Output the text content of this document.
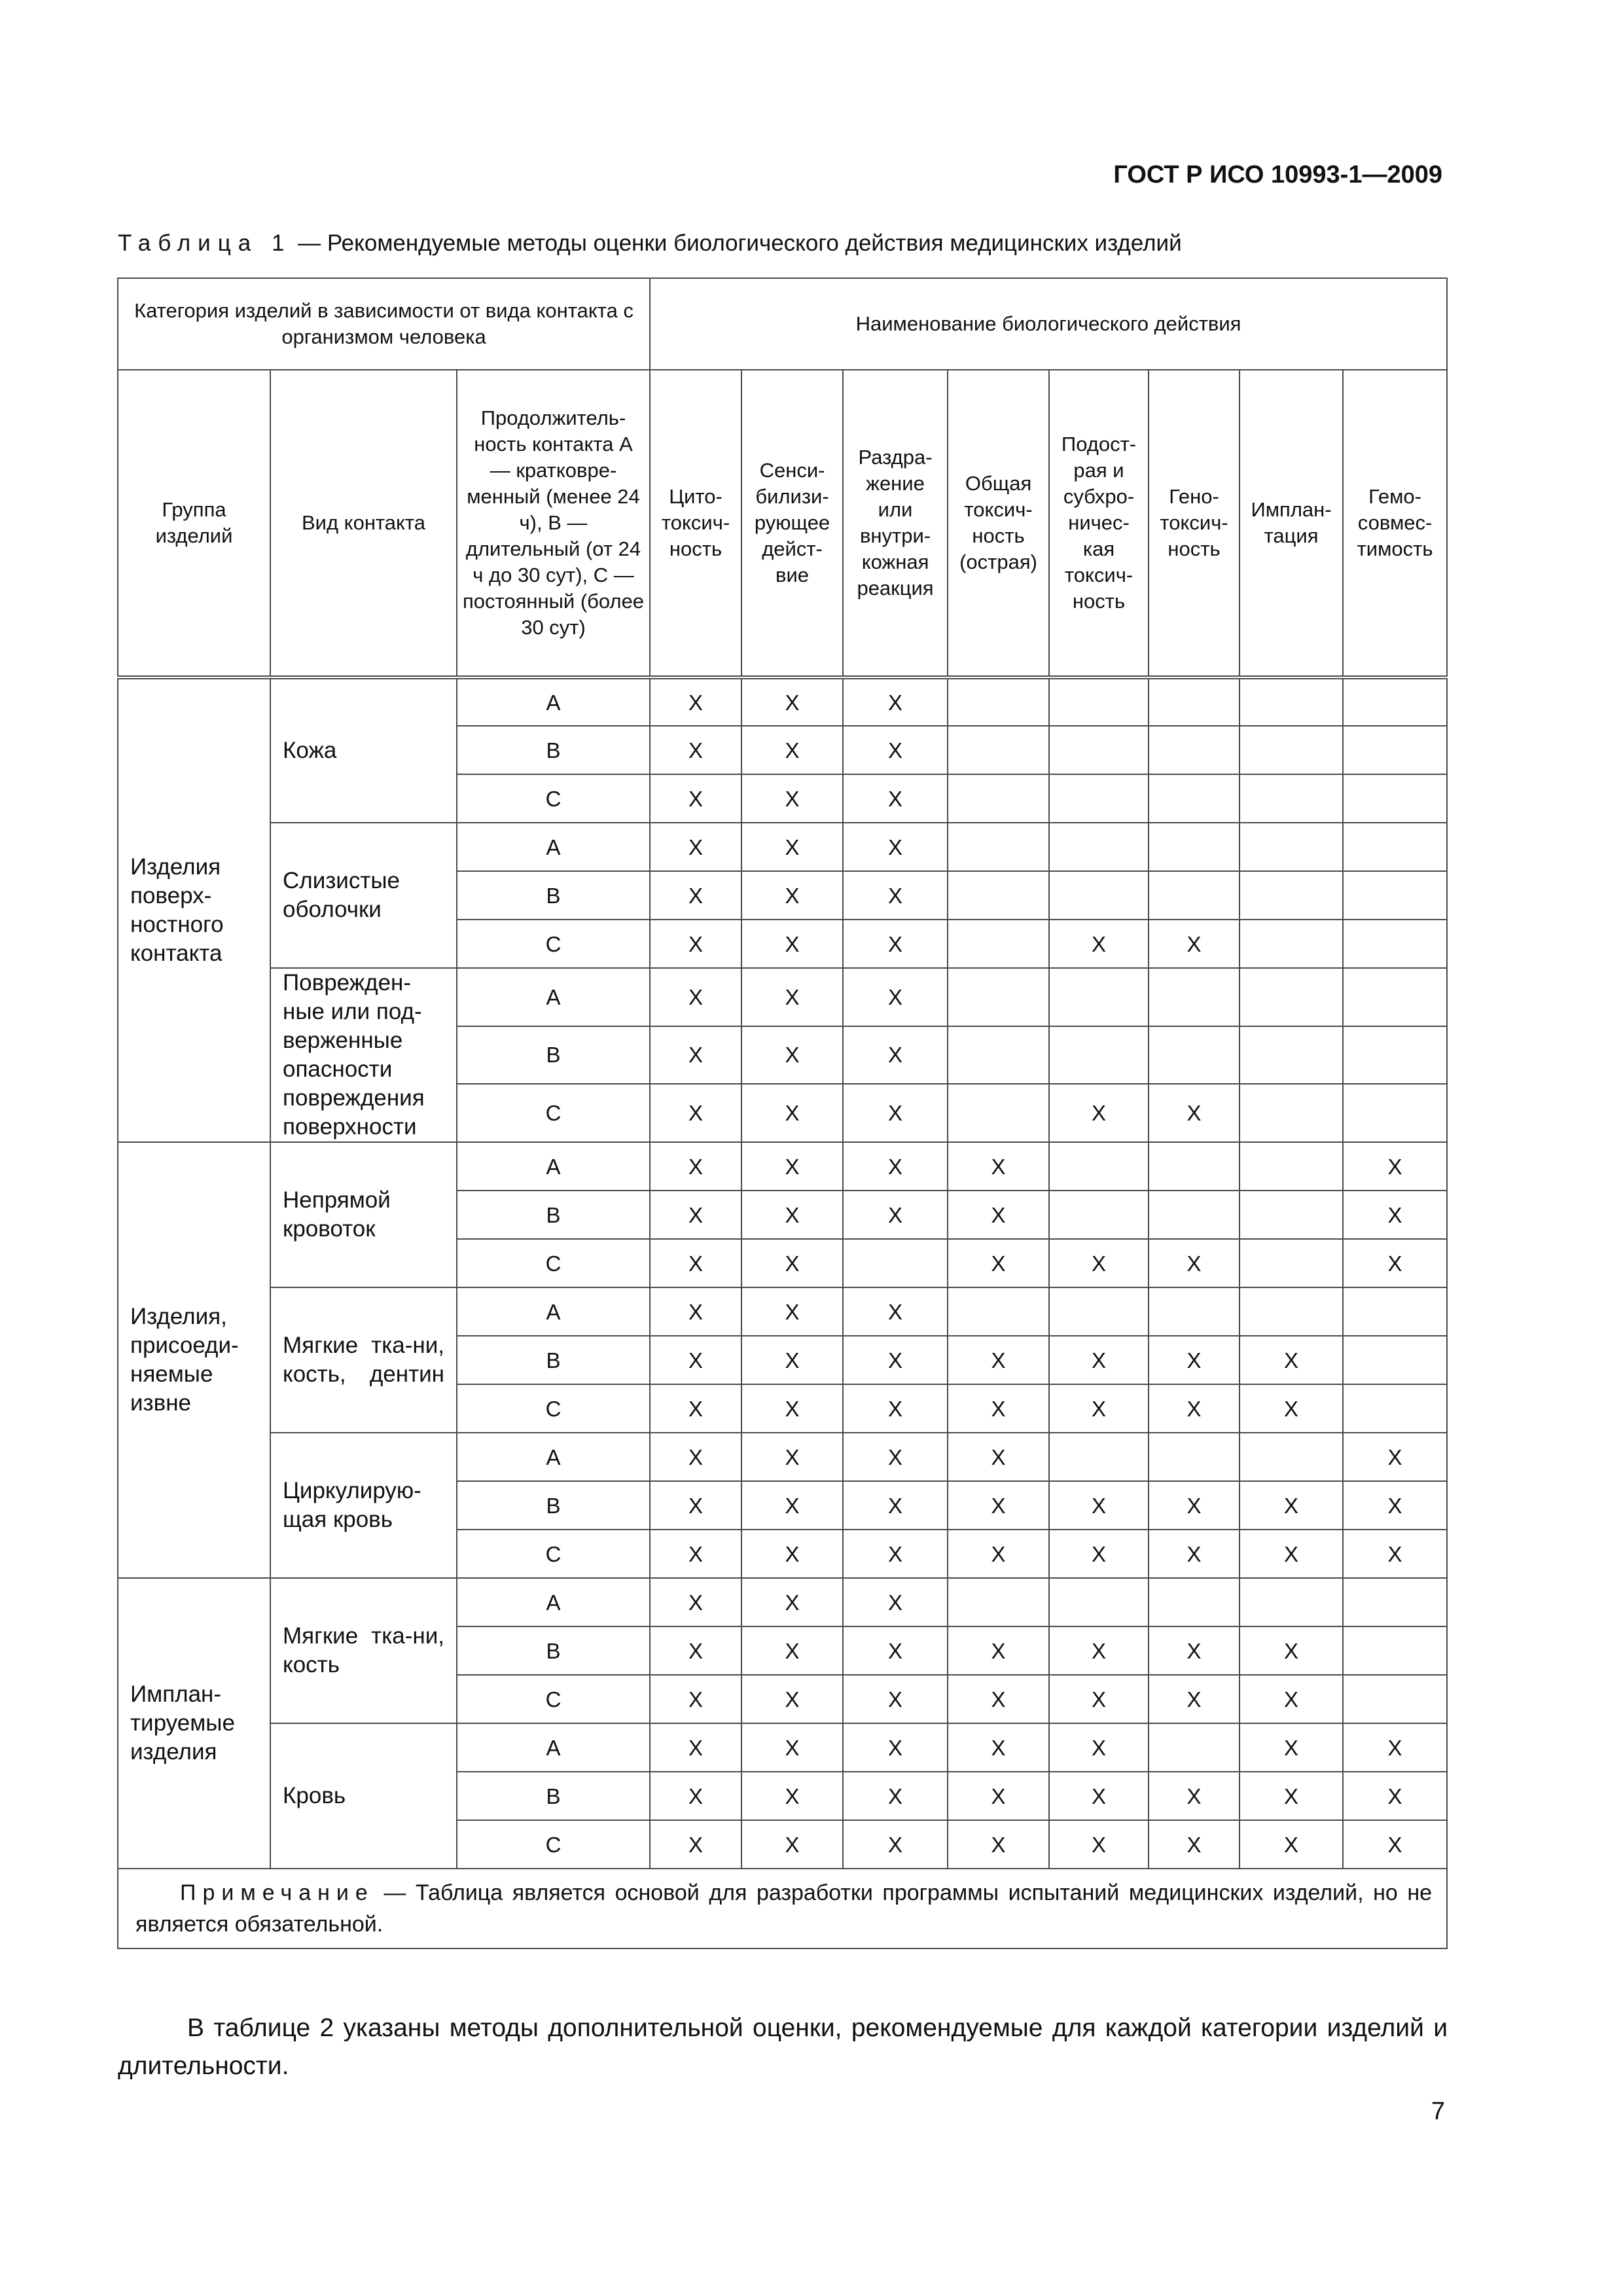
ГОСТ Р ИСО 10993-1—2009
Таблица 1 — Рекомендуемые методы оценки биологического действия медицинских изделий
Категория изделий в зависимости от вида контакта с организмом человека			Наименование биологического действия							
Группа изделий	Вид контакта	Продолжитель-ность контакта А — кратковре-менный (менее 24 ч), В — длительный (от 24 ч до 30 сут), С — постоянный (более 30 сут)	Цито-токсич-ность	Сенси-билизи-рующее дейст-вие	Раздра-жение или внутри-кожная реакция	Общая токсич-ность (острая)	Подост-рая и субхро-ничес-кая токсич-ность	Гено-токсич-ность	Имплан-тация	Гемо-совмес-тимость
Изделия поверх-ностного контакта	Кожа	A	X	X	X					
		B	X	X	X					
		C	X	X	X					
	Слизистые оболочки	A	X	X	X					
		B	X	X	X					
		C	X	X	X		X	X		
	Поврежден-ные или под-верженные опасности повреждения поверхности	A	X	X	X					
		B	X	X	X					
		C	X	X	X		X	X		
Изделия, присоеди-няемые извне	Непрямой кровоток	A	X	X	X	X				X
		B	X	X	X	X				X
		C	X	X		X	X	X		X
	Мягкие тка-ни, кость, дентин	A	X	X	X					
		B	X	X	X	X	X	X	X	
		C	X	X	X	X	X	X	X	
	Циркулирую-щая кровь	A	X	X	X	X				X
		B	X	X	X	X	X	X	X	X
		C	X	X	X	X	X	X	X	X
Имплан-тируемые изделия	Мягкие тка-ни, кость	A	X	X	X					
		B	X	X	X	X	X	X	X	
		C	X	X	X	X	X	X	X	
	Кровь	A	X	X	X	X	X		X	X
		B	X	X	X	X	X	X	X	X
		C	X	X	X	X	X	X	X	X
Примечание — Таблица является основой для разработки программы испытаний медицинских изделий, но не является обязательной.										
В таблице 2 указаны методы дополнительной оценки, рекомендуемые для каждой категории изделий и длительности.
7
